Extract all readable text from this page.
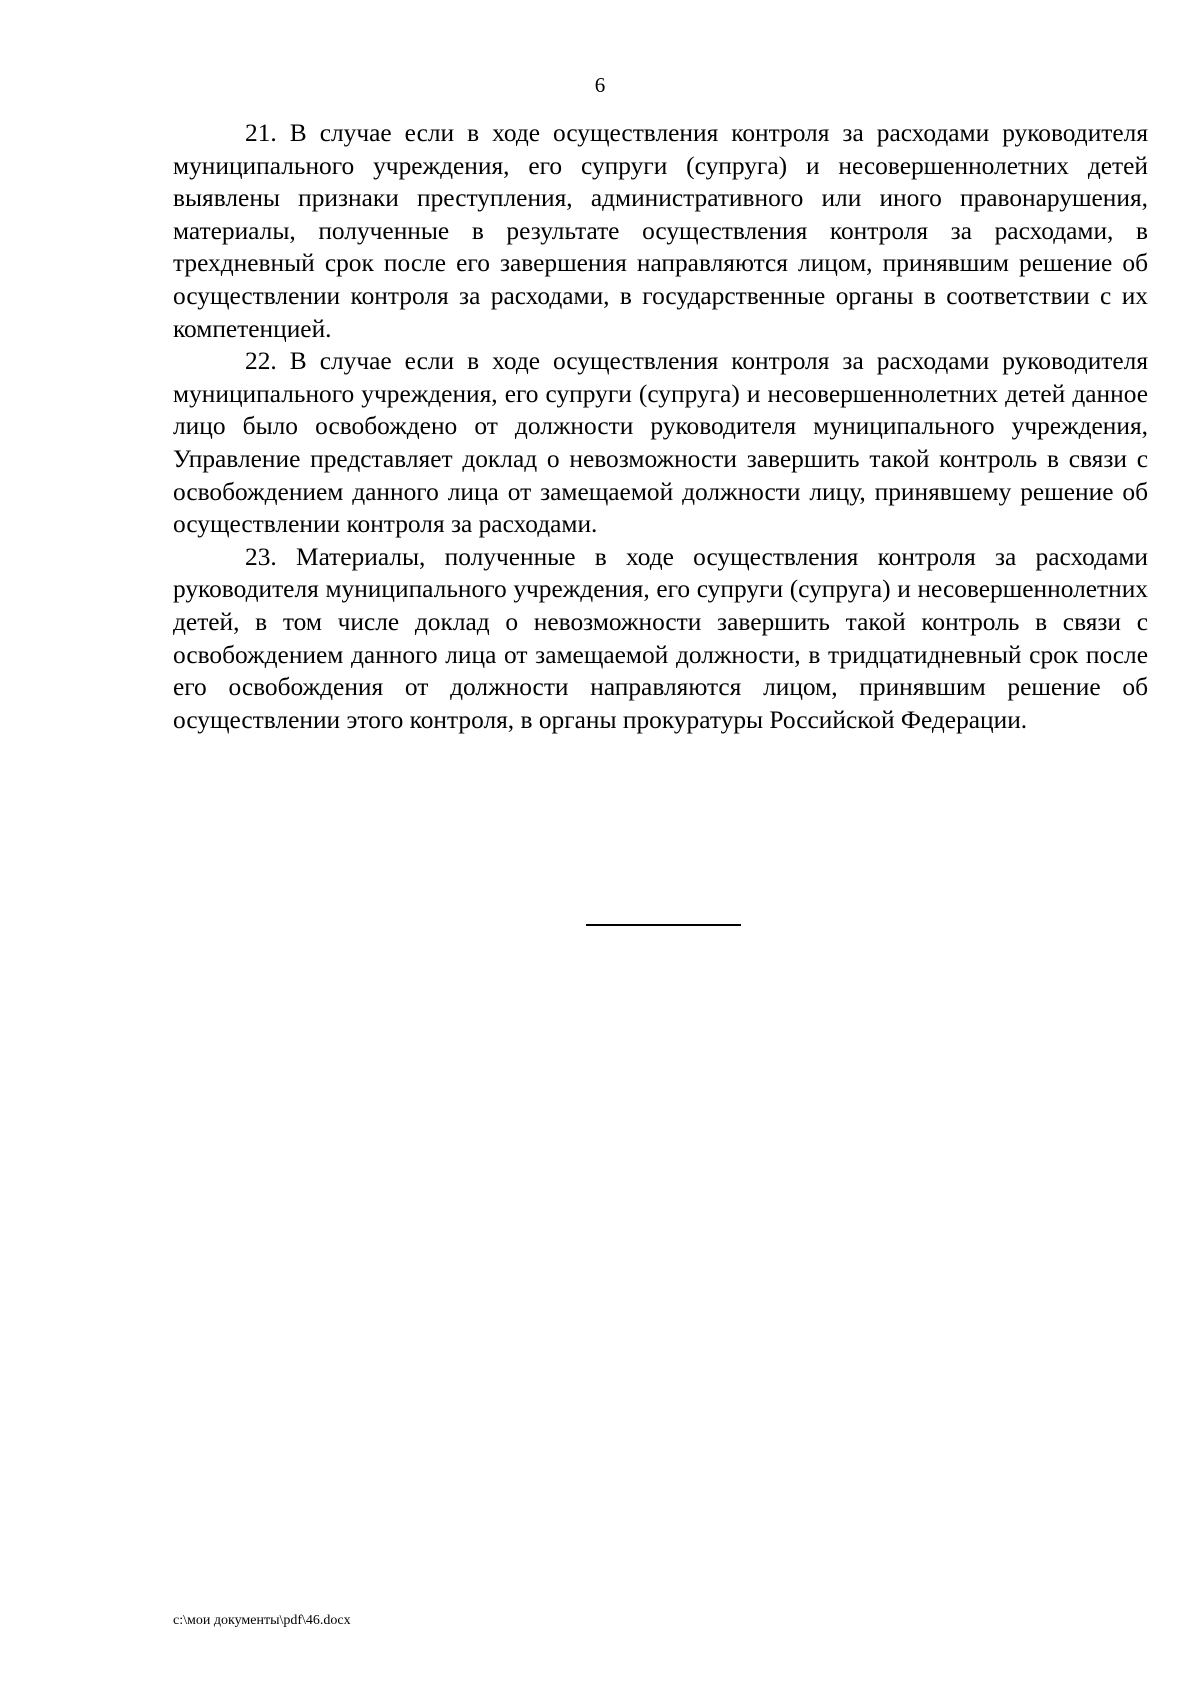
6

21. В случае если в ходе осуществления контроля за расходами руководителя муниципального учреждения, его супруги (супруга) и несовершеннолетних детей выявлены признаки преступления, административного или иного правонарушения, материалы, полученные в результате осуществления контроля за расходами, в трехдневный срок после его завершения направляются лицом, принявшим решение об осуществлении контроля за расходами, в государственные органы в соответствии с их компетенцией.

22. В случае если в ходе осуществления контроля за расходами руководителя муниципального учреждения, его супруги (супруга) и несовершеннолетних детей данное лицо было освобождено от должности руководителя муниципального учреждения, Управление представляет доклад о невозможности завершить такой контроль в связи с освобождением данного лица от замещаемой должности лицу, принявшему решение об осуществлении контроля за расходами.

23. Материалы, полученные в ходе осуществления контроля за расходами руководителя муниципального учреждения, его супруги (супруга) и несовершеннолетних детей, в том числе доклад о невозможности завершить такой контроль в связи с освобождением данного лица от замещаемой должности, в тридцатидневный срок после его освобождения от должности направляются лицом, принявшим решение об осуществлении этого контроля, в органы прокуратуры Российской Федерации.

c:\мои документы\pdf\46.docx
